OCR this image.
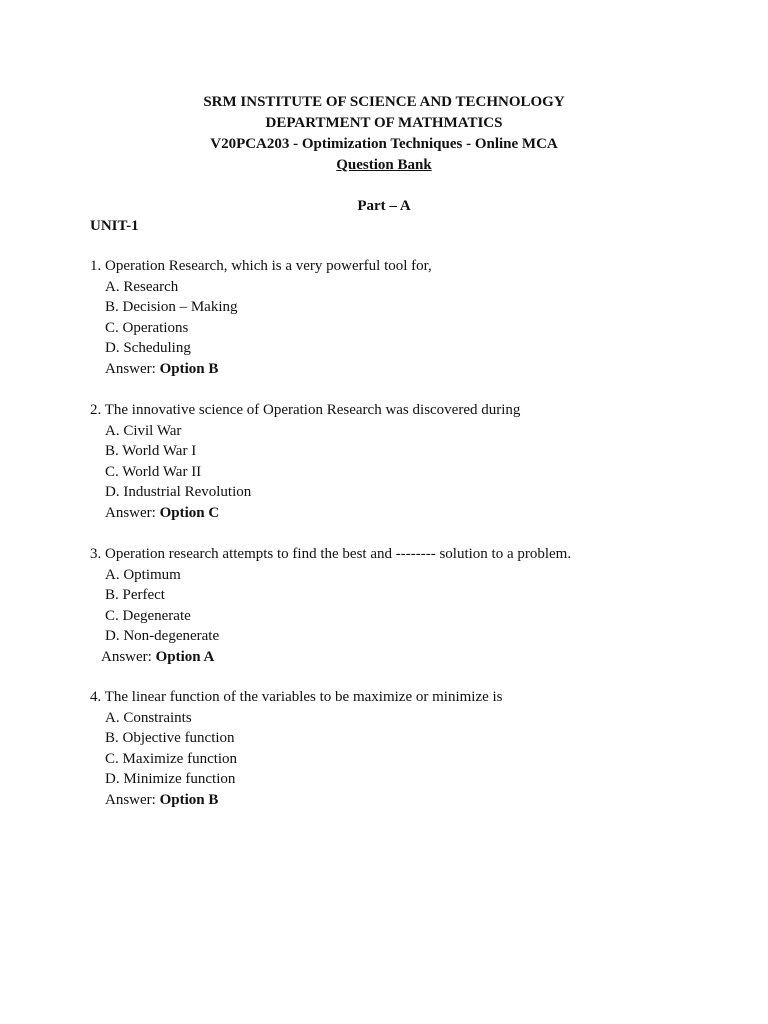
SRM INSTITUTE OF SCIENCE AND TECHNOLOGY
DEPARTMENT OF MATHMATICS
V20PCA203 - Optimization Techniques - Online MCA
Question Bank
Part – A
UNIT-1
1. Operation Research, which is a very powerful tool for,
A. Research
B. Decision – Making
C. Operations
D. Scheduling
Answer: Option B
2. The innovative science of Operation Research was discovered during
A. Civil War
B. World War I
C. World War II
D. Industrial Revolution
Answer: Option C
3. Operation research attempts to find the best and -------- solution to a problem.
A. Optimum
B. Perfect
C. Degenerate
D. Non-degenerate
Answer: Option A
4. The linear function of the variables to be maximize or minimize is
A. Constraints
B. Objective function
C. Maximize function
D. Minimize function
Answer: Option B
